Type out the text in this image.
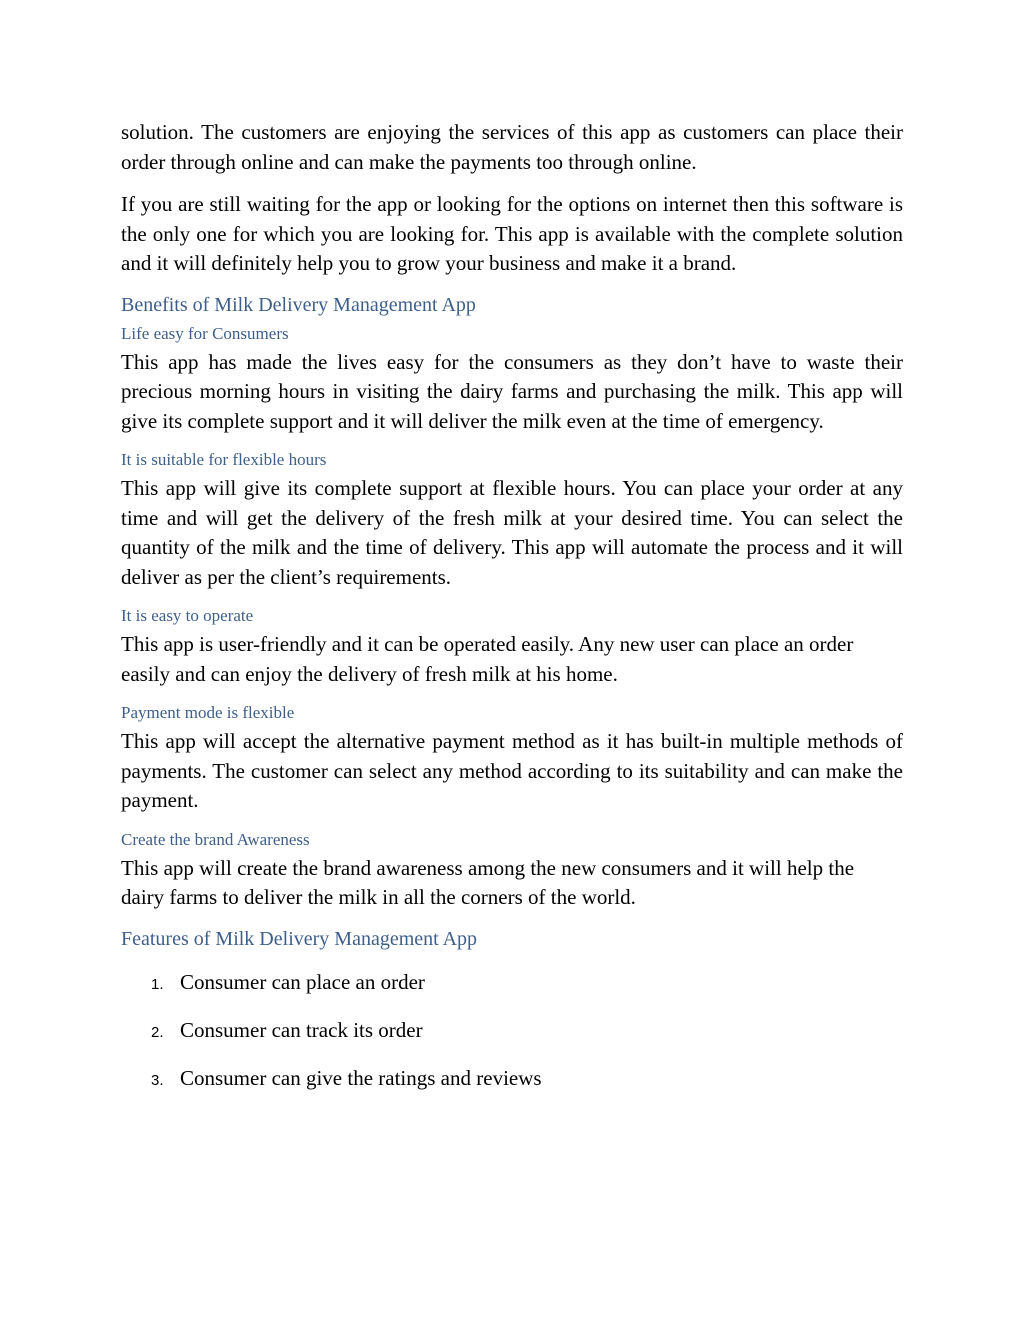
solution. The customers are enjoying the services of this app as customers can place their order through online and can make the payments too through online.

If you are still waiting for the app or looking for the options on internet then this software is the only one for which you are looking for. This app is available with the complete solution and it will definitely help you to grow your business and make it a brand.

Benefits of Milk Delivery Management App
Life easy for Consumers

This app has made the lives easy for the consumers as they don’t have to waste their precious morning hours in visiting the dairy farms and purchasing the milk. This app will give its complete support and it will deliver the milk even at the time of emergency.

It is suitable for flexible hours

This app will give its complete support at flexible hours. You can place your order at any time and will get the delivery of the fresh milk at your desired time. You can select the quantity of the milk and the time of delivery. This app will automate the process and it will deliver as per the client’s requirements.

It is easy to operate

This app is user-friendly and it can be operated easily. Any new user can place an order easily and can enjoy the delivery of fresh milk at his home.

Payment mode is flexible

This app will accept the alternative payment method as it has built-in multiple methods of payments. The customer can select any method according to its suitability and can make the payment.

Create the brand Awareness

This app will create the brand awareness among the new consumers and it will help the dairy farms to deliver the milk in all the corners of the world.

Features of Milk Delivery Management App
1. Consumer can place an order
2. Consumer can track its order
3. Consumer can give the ratings and reviews
